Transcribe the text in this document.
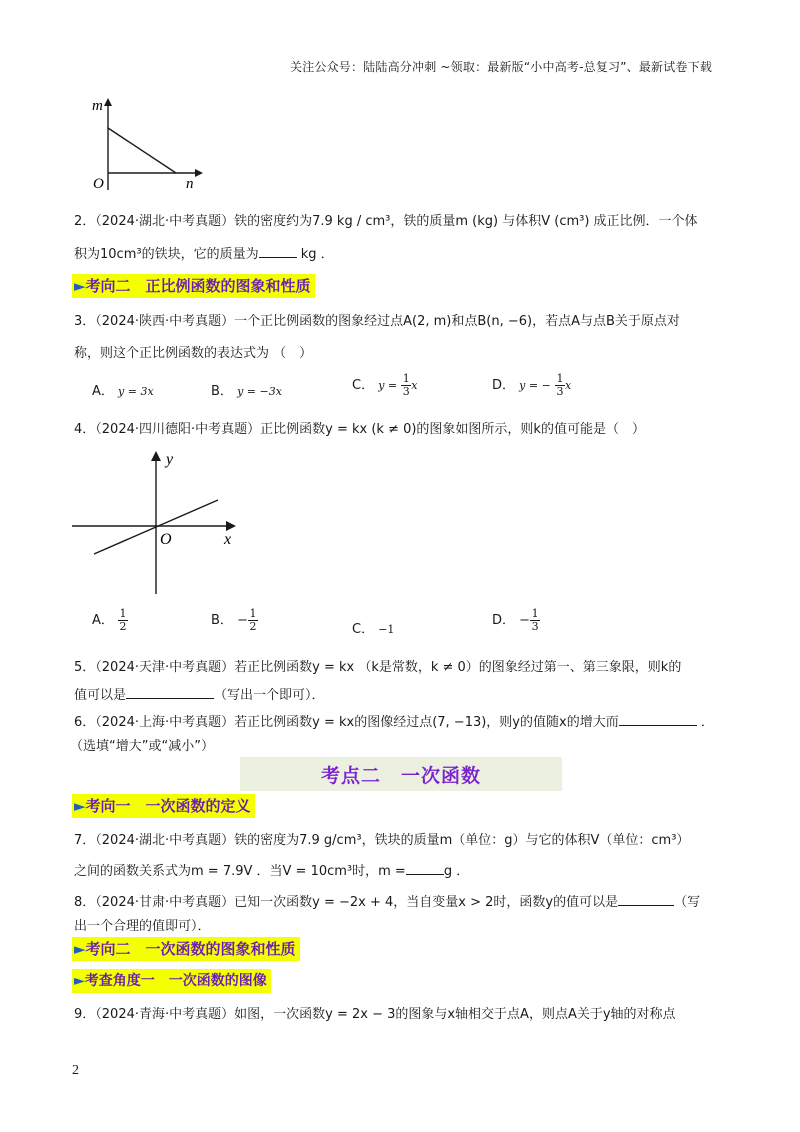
关注公众号：陆陆高分冲刺 ~领取：最新版“小中高考-总复习”、最新试卷下载
m
n
O
2．（2024·湖北·中考真题）铁的密度约为7.9 kg / cm³，铁的质量m (kg) 与体积V (cm³) 成正比例．一个体
积为10cm³的铁块，它的质量为	kg ．
►考向二　正比例函数的图象和性质
3．（2024·陕西·中考真题）一个正比例函数的图象经过点A(2, m)和点B(n, −6)，若点A与点B关于原点对
称，则这个正比例函数的表达式为 （　）
A． y = 3x	B． y = −3x	C． $y = \frac{1}{3}$ x	D． y = − $\frac{1}{3}$ x
4．（2024·四川德阳·中考真题）正比例函数y = kx (k ≠ 0)的图象如图所示，则k的值可能是（　）
y
x
O
A． $\frac{1}{2}$	B． − $\frac{1}{2}$	C． −1
D． − $\frac{1}{3}$
5．（2024·天津·中考真题）若正比例函数y = kx （k是常数，k ≠ 0）的图象经过第一、第三象限，则k的
值可以是	（写出一个即可）．
6．（2024·上海·中考真题）若正比例函数y = kx的图像经过点(7, −13)，则y的值随x的增大而	．
（选填“增大”或“减小”）
考点二　一次函数
►考向一　一次函数的定义
7．（2024·湖北·中考真题）铁的密度为7.9 g/cm³，铁块的质量m（单位：g）与它的体积V（单位：cm³）
之间的函数关系式为m = 7.9V ．当V = 10cm³时，m =	g ．
8．（2024·甘肃·中考真题）已知一次函数y = −2x + 4，当自变量x > 2时，函数y的值可以是	（写
出一个合理的值即可）．
►考向二　一次函数的图象和性质
►考查角度一　一次函数的图像
9．（2024·青海·中考真题）如图，一次函数y = 2x − 3的图象与x轴相交于点A，则点A关于y轴的对称点
2
